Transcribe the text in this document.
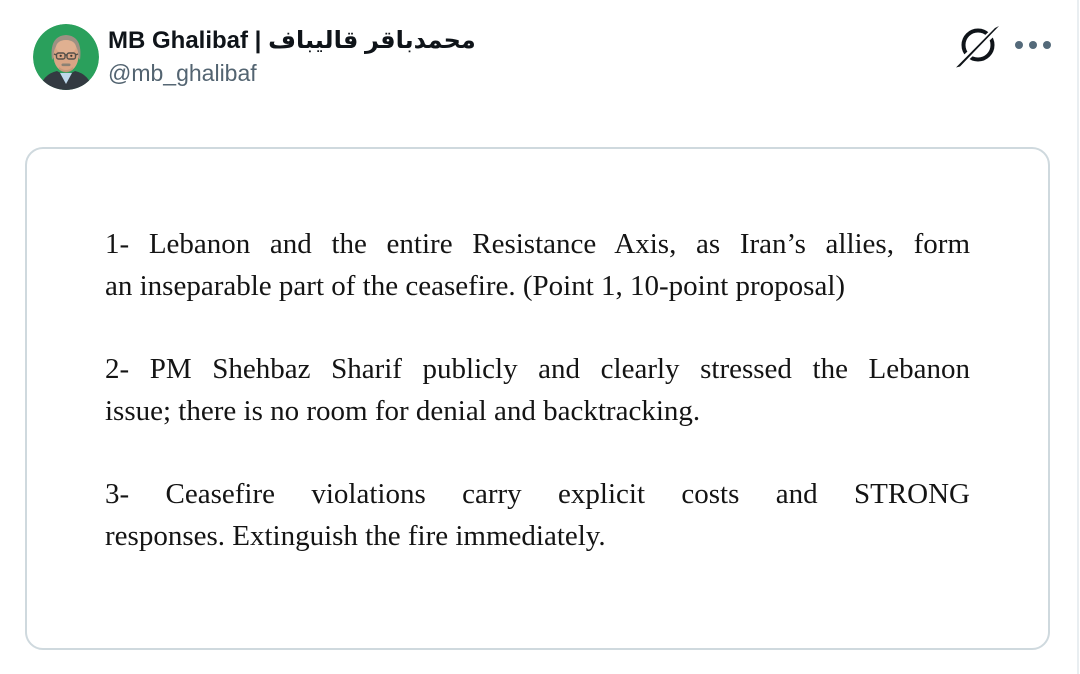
محمدباقر قالیباف | MB Ghalibaf
@mb_ghalibaf
1- Lebanon and the entire Resistance Axis, as Iran’s allies, form
an inseparable part of the ceasefire. (Point 1, 10-point proposal)
2- PM Shehbaz Sharif publicly and clearly stressed the Lebanon
issue; there is no room for denial and backtracking.
3- Ceasefire violations carry explicit costs and STRONG
responses. Extinguish the fire immediately.
